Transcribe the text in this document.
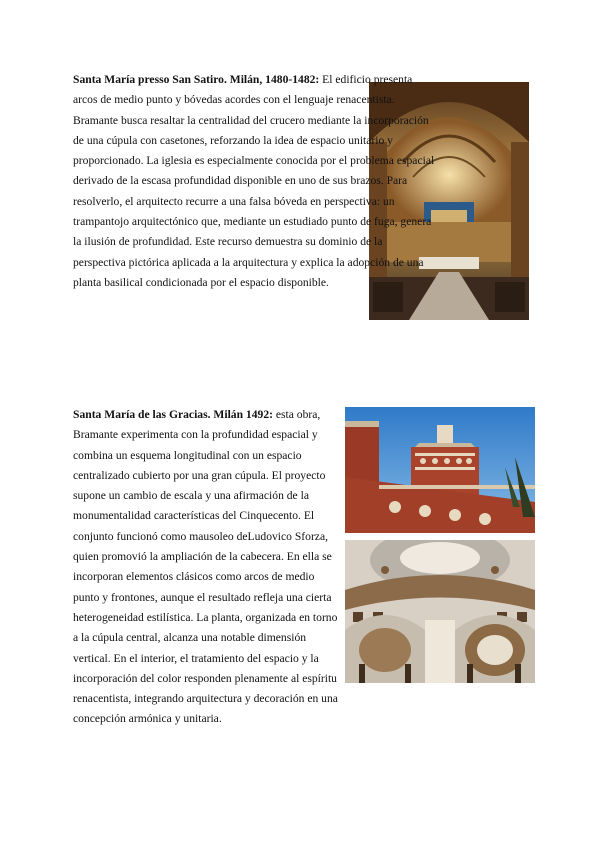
Santa María presso San Satiro. Milán, 1480-1482: El edificio presenta arcos de medio punto y bóvedas acordes con el lenguaje renacentista. Bramante busca resaltar la centralidad del crucero mediante la incorporación de una cúpula con casetones, reforzando la idea de espacio unitario y proporcionado. La iglesia es especialmente conocida por el problema espacial derivado de la escasa profundidad disponible en uno de sus brazos. Para resolverlo, el arquitecto recurre a una falsa bóveda en perspectiva: un trampantojo arquitectónico que, mediante un estudiado punto de fuga, genera la ilusión de profundidad. Este recurso demuestra su dominio de la perspectiva pictórica aplicada a la arquitectura y explica la adopción de una planta basilical condicionada por el espacio disponible.

Santa María de las Gracias. Milán 1492: esta obra, Bramante experimenta con la profundidad espacial y combina un esquema longitudinal con un espacio centralizado cubierto por una gran cúpula. El proyecto supone un cambio de escala y una afirmación de la monumentalidad características del Cinquecento. El conjunto funcionó como mausoleo deLudovico Sforza, quien promovió la ampliación de la cabecera. En ella se incorporan elementos clásicos como arcos de medio punto y frontones, aunque el resultado refleja una cierta heterogeneidad estilística. La planta, organizada en torno a la cúpula central, alcanza una notable dimensión vertical. En el interior, el tratamiento del espacio y la incorporación del color responden plenamente al espíritu renacentista, integrando arquitectura y decoración en una concepción armónica y unitaria.
